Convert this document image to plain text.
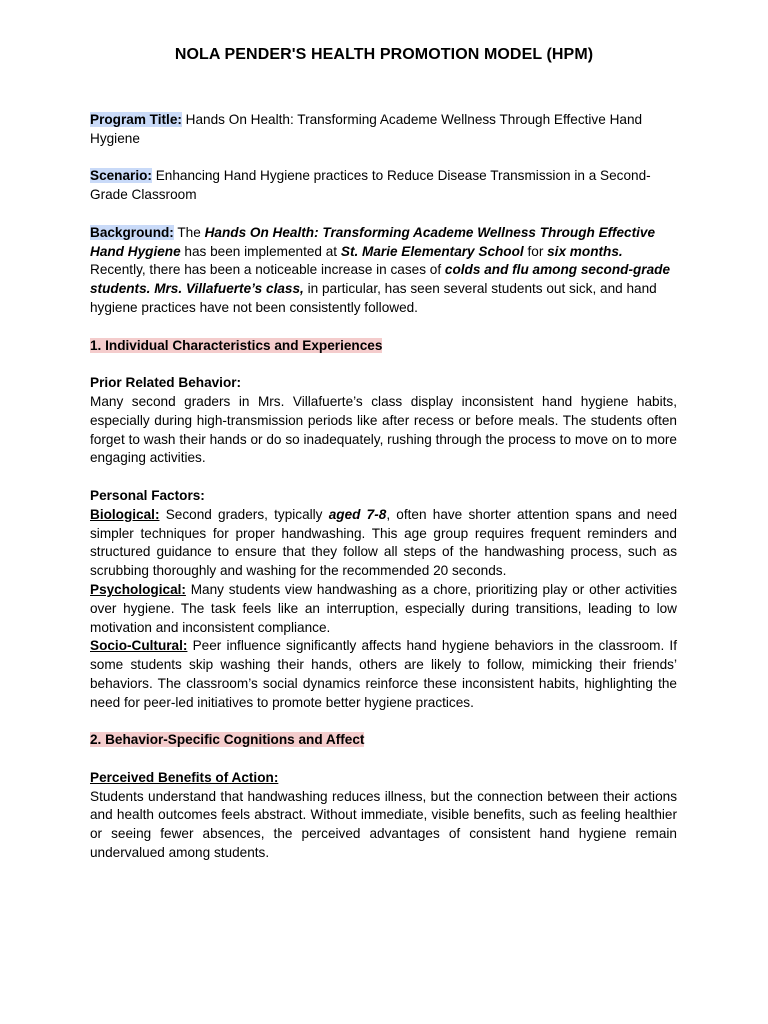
NOLA PENDER'S HEALTH PROMOTION MODEL (HPM)

Program Title: Hands On Health: Transforming Academe Wellness Through Effective Hand Hygiene

Scenario: Enhancing Hand Hygiene practices to Reduce Disease Transmission in a Second-Grade Classroom

Background: The Hands On Health: Transforming Academe Wellness Through Effective Hand Hygiene has been implemented at St. Marie Elementary School for six months. Recently, there has been a noticeable increase in cases of colds and flu among second-grade students. Mrs. Villafuerte’s class, in particular, has seen several students out sick, and hand hygiene practices have not been consistently followed.

1. Individual Characteristics and Experiences

Prior Related Behavior:

Many second graders in Mrs. Villafuerte’s class display inconsistent hand hygiene habits, especially during high-transmission periods like after recess or before meals. The students often forget to wash their hands or do so inadequately, rushing through the process to move on to more engaging activities.

Personal Factors:

Biological: Second graders, typically aged 7-8, often have shorter attention spans and need simpler techniques for proper handwashing. This age group requires frequent reminders and structured guidance to ensure that they follow all steps of the handwashing process, such as scrubbing thoroughly and washing for the recommended 20 seconds.

Psychological: Many students view handwashing as a chore, prioritizing play or other activities over hygiene. The task feels like an interruption, especially during transitions, leading to low motivation and inconsistent compliance.

Socio-Cultural: Peer influence significantly affects hand hygiene behaviors in the classroom. If some students skip washing their hands, others are likely to follow, mimicking their friends’ behaviors. The classroom’s social dynamics reinforce these inconsistent habits, highlighting the need for peer-led initiatives to promote better hygiene practices.

2. Behavior-Specific Cognitions and Affect

Perceived Benefits of Action:

Students understand that handwashing reduces illness, but the connection between their actions and health outcomes feels abstract. Without immediate, visible benefits, such as feeling healthier or seeing fewer absences, the perceived advantages of consistent hand hygiene remain undervalued among students.
